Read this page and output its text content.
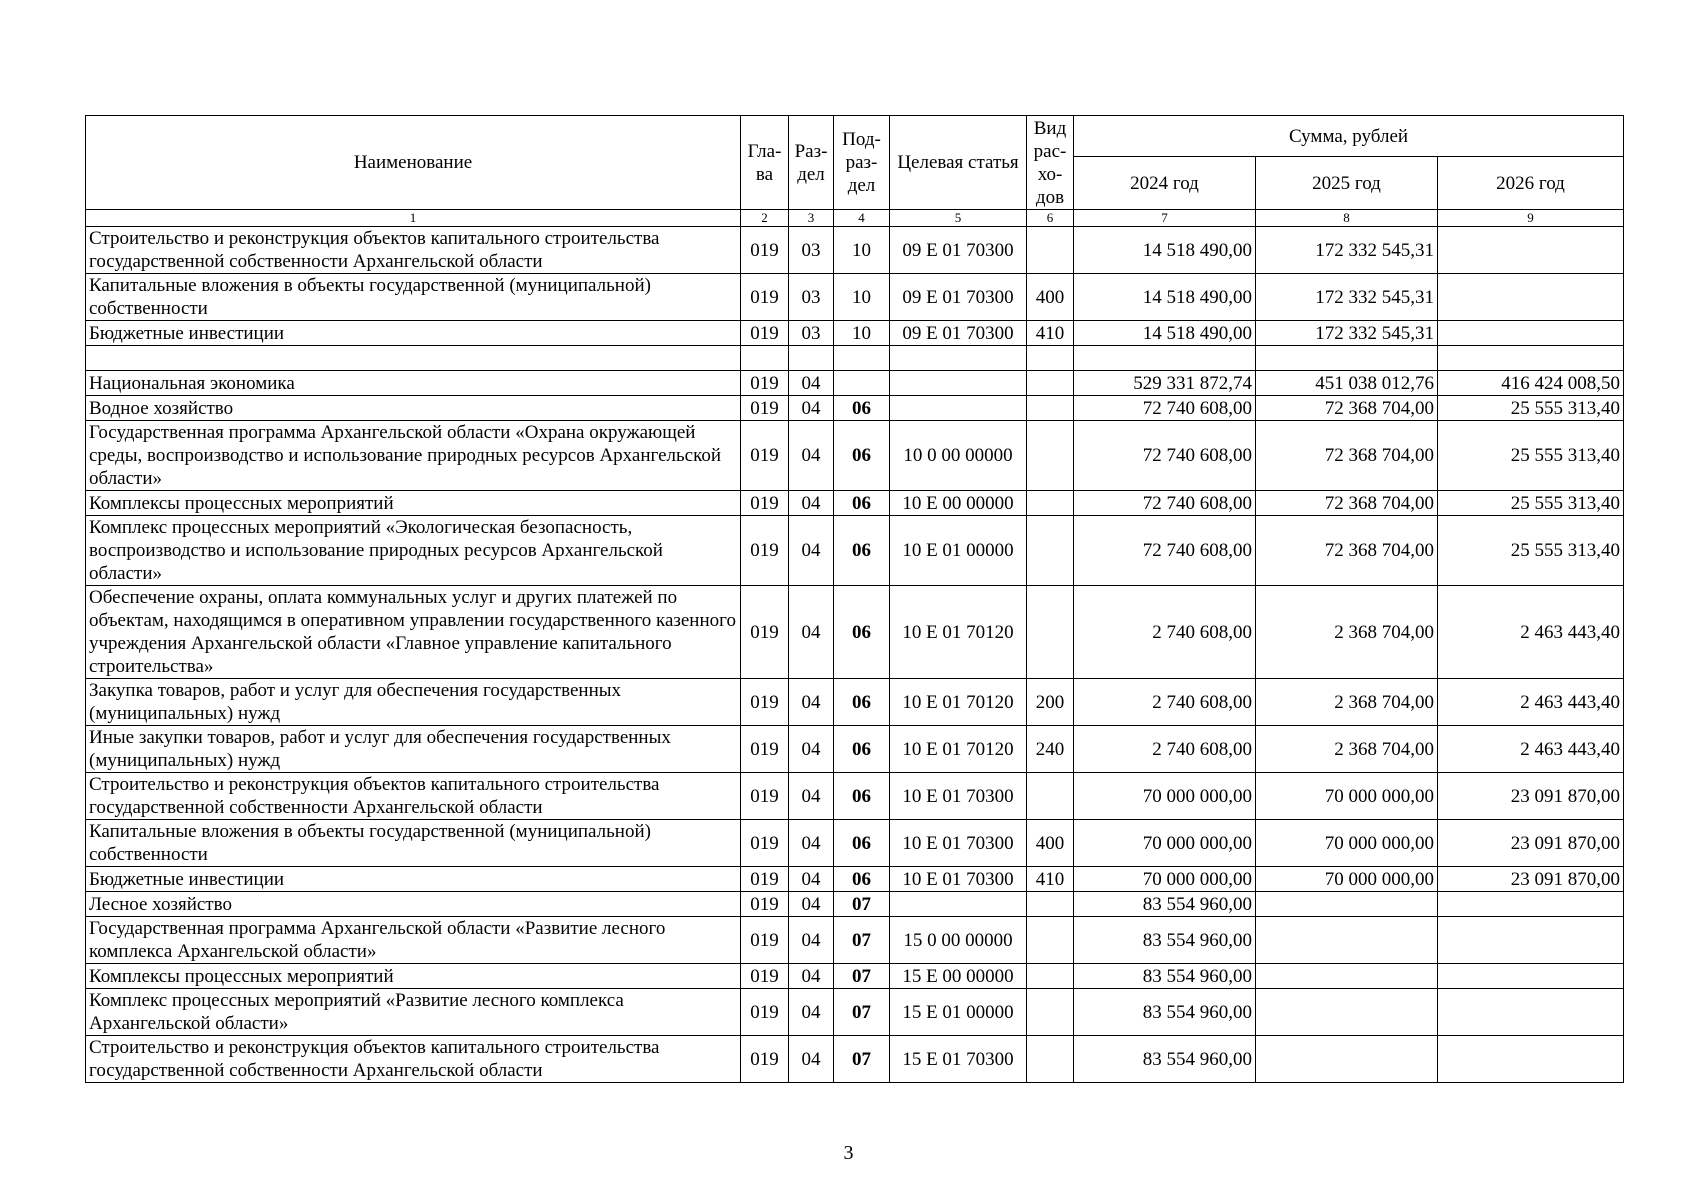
Наименование	Гла-ва	Раз-дел	Под-раз-дел	Целевая статья	Вид рас-хо-дов	Сумма, рублей		
						2024 год	2025 год	2026 год
1	2	3	4	5	6	7	8	9
Строительство и реконструкция объектов капитального строительства государственной собственности Архангельской области	019	03	10	09 Е 01 70300		14 518 490,00	172 332 545,31	
Капитальные вложения в объекты государственной (муниципальной) собственности	019	03	10	09 Е 01 70300	400	14 518 490,00	172 332 545,31	
Бюджетные инвестиции	019	03	10	09 Е 01 70300	410	14 518 490,00	172 332 545,31	

Национальная экономика	019	04				529 331 872,74	451 038 012,76	416 424 008,50
Водное хозяйство	019	04	06			72 740 608,00	72 368 704,00	25 555 313,40
Государственная программа Архангельской области «Охрана окружающей среды, воспроизводство и использование природных ресурсов Архангельской области»	019	04	06	10 0 00 00000		72 740 608,00	72 368 704,00	25 555 313,40
Комплексы процессных мероприятий	019	04	06	10 Е 00 00000		72 740 608,00	72 368 704,00	25 555 313,40
Комплекс процессных мероприятий «Экологическая безопасность, воспроизводство и использование природных ресурсов Архангельской области»	019	04	06	10 Е 01 00000		72 740 608,00	72 368 704,00	25 555 313,40
Обеспечение охраны, оплата коммунальных услуг и других платежей по объектам, находящимся в оперативном управлении государственного казенного учреждения Архангельской области «Главное управление капитального строительства»	019	04	06	10 Е 01 70120		2 740 608,00	2 368 704,00	2 463 443,40
Закупка товаров, работ и услуг для обеспечения государственных (муниципальных) нужд	019	04	06	10 Е 01 70120	200	2 740 608,00	2 368 704,00	2 463 443,40
Иные закупки товаров, работ и услуг для обеспечения государственных (муниципальных) нужд	019	04	06	10 Е 01 70120	240	2 740 608,00	2 368 704,00	2 463 443,40
Строительство и реконструкция объектов капитального строительства государственной собственности Архангельской области	019	04	06	10 Е 01 70300		70 000 000,00	70 000 000,00	23 091 870,00
Капитальные вложения в объекты государственной (муниципальной) собственности	019	04	06	10 Е 01 70300	400	70 000 000,00	70 000 000,00	23 091 870,00
Бюджетные инвестиции	019	04	06	10 Е 01 70300	410	70 000 000,00	70 000 000,00	23 091 870,00
Лесное хозяйство	019	04	07			83 554 960,00		
Государственная программа Архангельской области «Развитие лесного комплекса Архангельской области»	019	04	07	15 0 00 00000		83 554 960,00		
Комплексы процессных мероприятий	019	04	07	15 Е 00 00000		83 554 960,00		
Комплекс процессных мероприятий «Развитие лесного комплекса Архангельской области»	019	04	07	15 Е 01 00000		83 554 960,00		
Строительство и реконструкция объектов капитального строительства государственной собственности Архангельской области	019	04	07	15 Е 01 70300		83 554 960,00		
3
